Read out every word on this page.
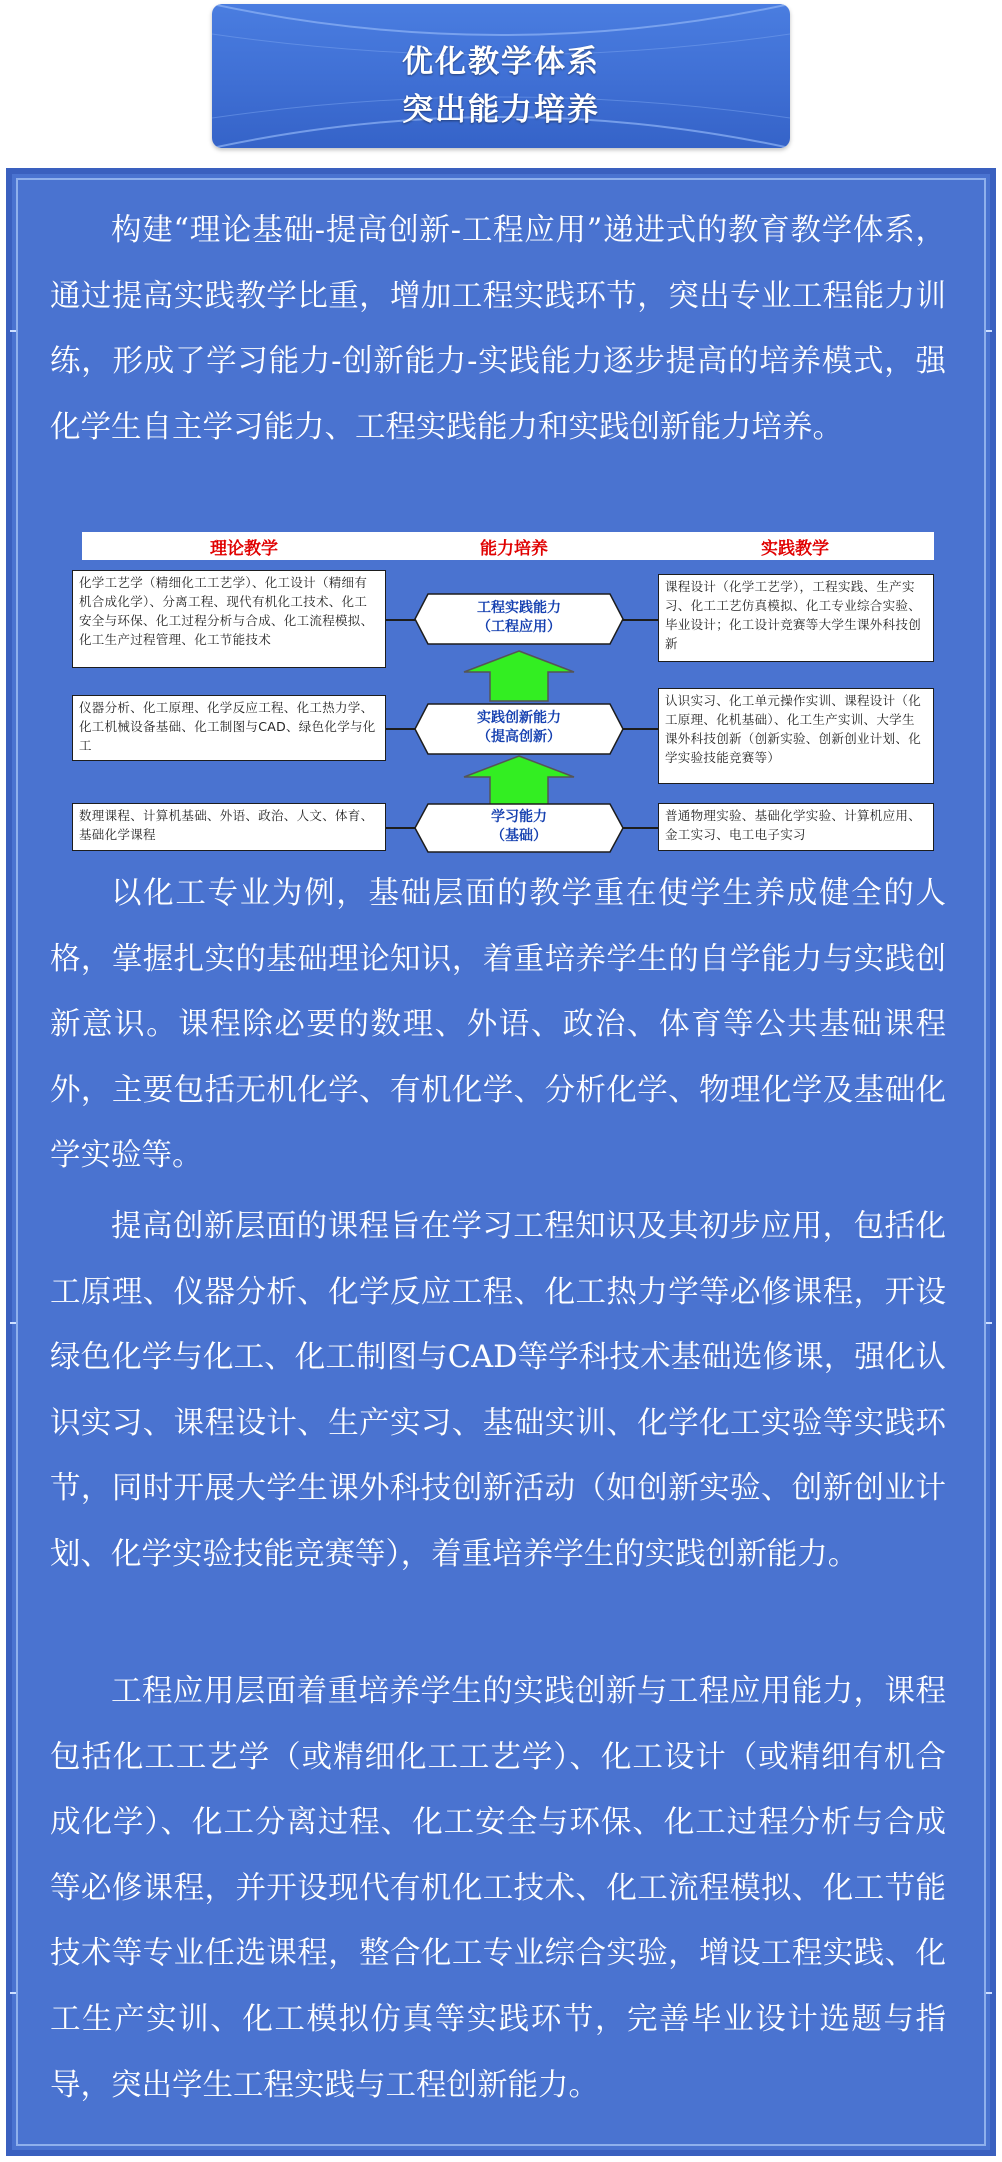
优化教学体系
突出能力培养

构建“理论基础-提高创新-工程应用”递进式的教育教学体系，通过提高实践教学比重，增加工程实践环节，突出专业工程能力训练，形成了学习能力-创新能力-实践能力逐步提高的培养模式，强化学生自主学习能力、工程实践能力和实践创新能力培养。

理论教学	能力培养	实践教学
化学工艺学（精细化工工艺学）、化工设计（精细有机合成化学）、分离工程、现代有机化工技术、化工安全与环保、化工过程分析与合成、化工流程模拟、化工生产过程管理、化工节能技术
工程实践能力
（工程应用）
课程设计（化学工艺学），工程实践、生产实习、化工工艺仿真模拟、化工专业综合实验、毕业设计；化工设计竞赛等大学生课外科技创新
仪器分析、化工原理、化学反应工程、化工热力学、化工机械设备基础、化工制图与CAD、绿色化学与化工
实践创新能力
（提高创新）
认识实习、化工单元操作实训、课程设计（化工原理、化机基础）、化工生产实训、大学生课外科技创新（创新实验、创新创业计划、化学实验技能竞赛等）
数理课程、计算机基础、外语、政治、人文、体育、基础化学课程
学习能力
（基础）
普通物理实验、基础化学实验、计算机应用、金工实习、电工电子实习

以化工专业为例，基础层面的教学重在使学生养成健全的人格，掌握扎实的基础理论知识，着重培养学生的自学能力与实践创新意识。课程除必要的数理、外语、政治、体育等公共基础课程外，主要包括无机化学、有机化学、分析化学、物理化学及基础化学实验等。

提高创新层面的课程旨在学习工程知识及其初步应用，包括化工原理、仪器分析、化学反应工程、化工热力学等必修课程，开设绿色化学与化工、化工制图与CAD等学科技术基础选修课，强化认识实习、课程设计、生产实习、基础实训、化学化工实验等实践环节，同时开展大学生课外科技创新活动（如创新实验、创新创业计划、化学实验技能竞赛等），着重培养学生的实践创新能力。

工程应用层面着重培养学生的实践创新与工程应用能力，课程包括化工工艺学（或精细化工工艺学）、化工设计（或精细有机合成化学）、化工分离过程、化工安全与环保、化工过程分析与合成等必修课程，并开设现代有机化工技术、化工流程模拟、化工节能技术等专业任选课程，整合化工专业综合实验，增设工程实践、化工生产实训、化工模拟仿真等实践环节，完善毕业设计选题与指导，突出学生工程实践与工程创新能力。
